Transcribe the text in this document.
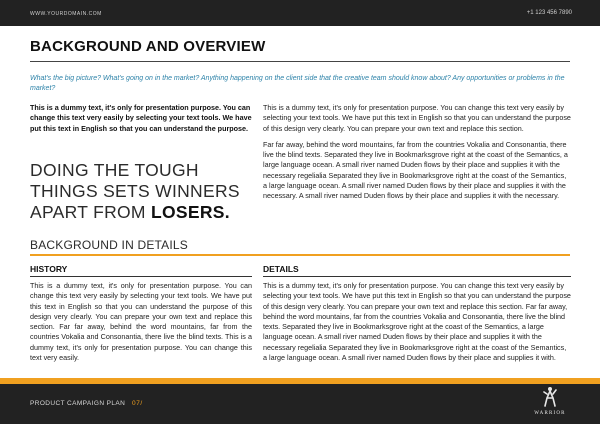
WWW.YOURDOMAIN.COM	+1 123 456 7890
BACKGROUND AND OVERVIEW

What's the big picture? What's going on in the market? Anything happening on the client side that the creative team should know about? Any opportunities or problems in the market?

This is a dummy text, it's only for presentation purpose. You can change this text very easily by selecting your text tools. We have put this text in English so that you can understand the purpose.

DOING THE TOUGH THINGS SETS WINNERS APART FROM LOSERS.

This is a dummy text, it's only for presentation purpose. You can change this text very easily by selecting your text tools. We have put this text in English so that you can understand the purpose of this design very clearly. You can prepare your own text and replace this section.

Far far away, behind the word mountains, far from the countries Vokalia and Consonantia, there live the blind texts. Separated they live in Bookmarksgrove right at the coast of the Semantics, a large language ocean. A small river named Duden flows by their place and supplies it with the necessary regelialia Separated they live in Bookmarksgrove right at the coast of the Semantics, a large language ocean. A small river named Duden flows by their place and supplies it with the necessary. A small river named Duden flows by their place and supplies it with the necessary.

BACKGROUND IN DETAILS
HISTORY

This is a dummy text, it's only for presentation purpose. You can change this text very easily by selecting your text tools. We have put this text in English so that you can understand the purpose of this design very clearly. You can prepare your own text and replace this section. Far far away, behind the word mountains, far from the countries Vokalia and Consonantia, there live the blind texts. This is a dummy text, it's only for presentation purpose. You can change this text very easily.

DETAILS

This is a dummy text, it's only for presentation purpose. You can change this text very easily by selecting your text tools. We have put this text in English so that you can understand the purpose of this design very clearly. You can prepare your own text and replace this section. Far far away, behind the word mountains, far from the countries Vokalia and Consonantia, there live the blind texts. Separated they live in Bookmarksgrove right at the coast of the Semantics, a large language ocean. A small river named Duden flows by their place and supplies it with the necessary regelialia Separated they live in Bookmarksgrove right at the coast of the Semantics, a large language ocean. A small river named Duden flows by their place and supplies it with.

PRODUCT CAMPAIGN PLAN 07/
WARRIOR
